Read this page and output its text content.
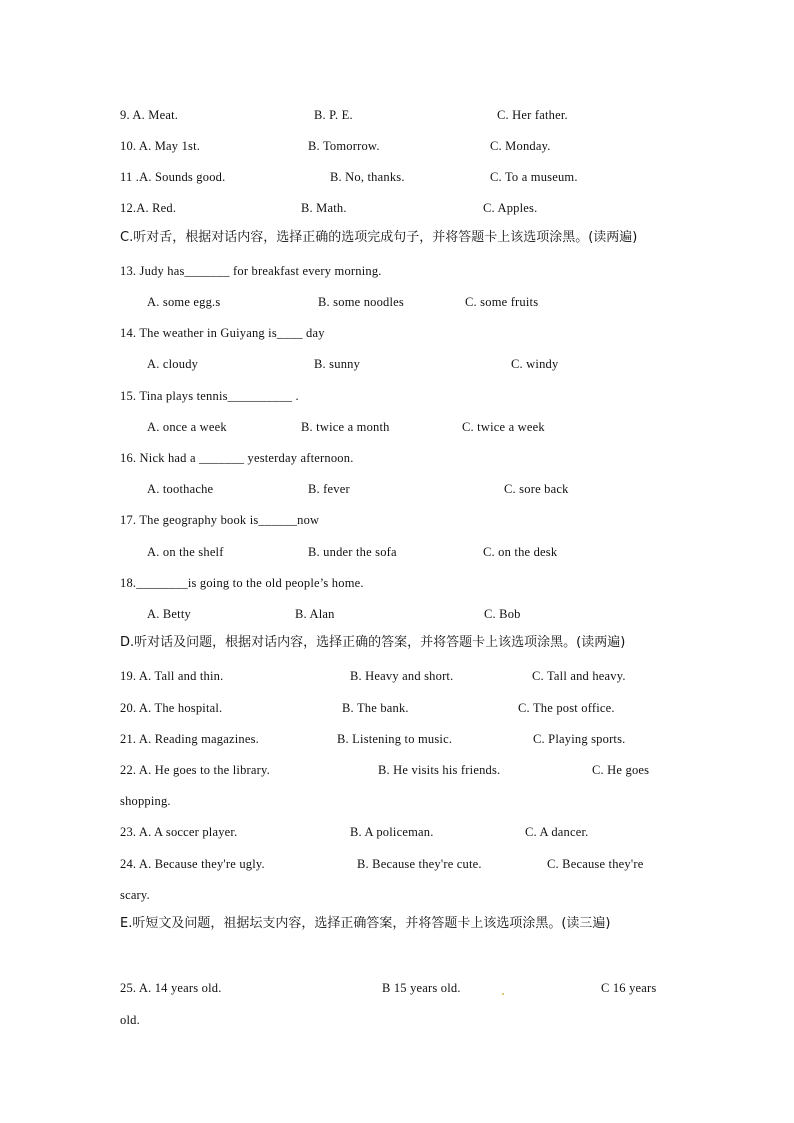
9. A. Meat.	B. P. E.	C. Her father.
10. A. May 1st.	B. Tomorrow.	C. Monday.
11 .A. Sounds good.	B. No, thanks.	C. To a museum.
12.A. Red.	B. Math.	C. Apples.
C.听对舌，根据对话内容，选择正确的选项完成句子，并将答题卡上该选项涂黑。(读两遍)
13. Judy has_______ for breakfast every morning.
A. some egg.s	B. some noodles	C. some fruits
14. The weather in Guiyang is____ day
A. cloudy	B. sunny	C. windy
15. Tina plays tennis__________ .
A. once a week	B. twice a month	C. twice a week
16. Nick had a _______ yesterday afternoon.
A. toothache	B. fever	C. sore back
17. The geography book is______now
A. on the shelf	B. under the sofa	C. on the desk
18.________is going to the old people’s home.
A. Betty	B. Alan	C. Bob
D.听对话及问题，根据对话内容，选择正确的答案，并将答题卡上该选项涂黑。(读两遍)
19. A. Tall and thin.	B. Heavy and short.	C. Tall and heavy.
20. A. The hospital.	B. The bank.	C. The post office.
21. A. Reading magazines.	B. Listening to music.	C. Playing sports.
22. A. He goes to the library.	B. He visits his friends.	C. He goes
shopping.
23. A. A soccer player.	B. A policeman.	C. A dancer.
24. A. Because they're ugly.	B. Because they're cute.	C. Because they're
scary.
E.听短文及问题，祖据坛支内容，选择正确答案，并将答题卡上该选项涂黑。(读三遍)
25. A. 14 years old.	B 15 years old.	C 16 years
old.
